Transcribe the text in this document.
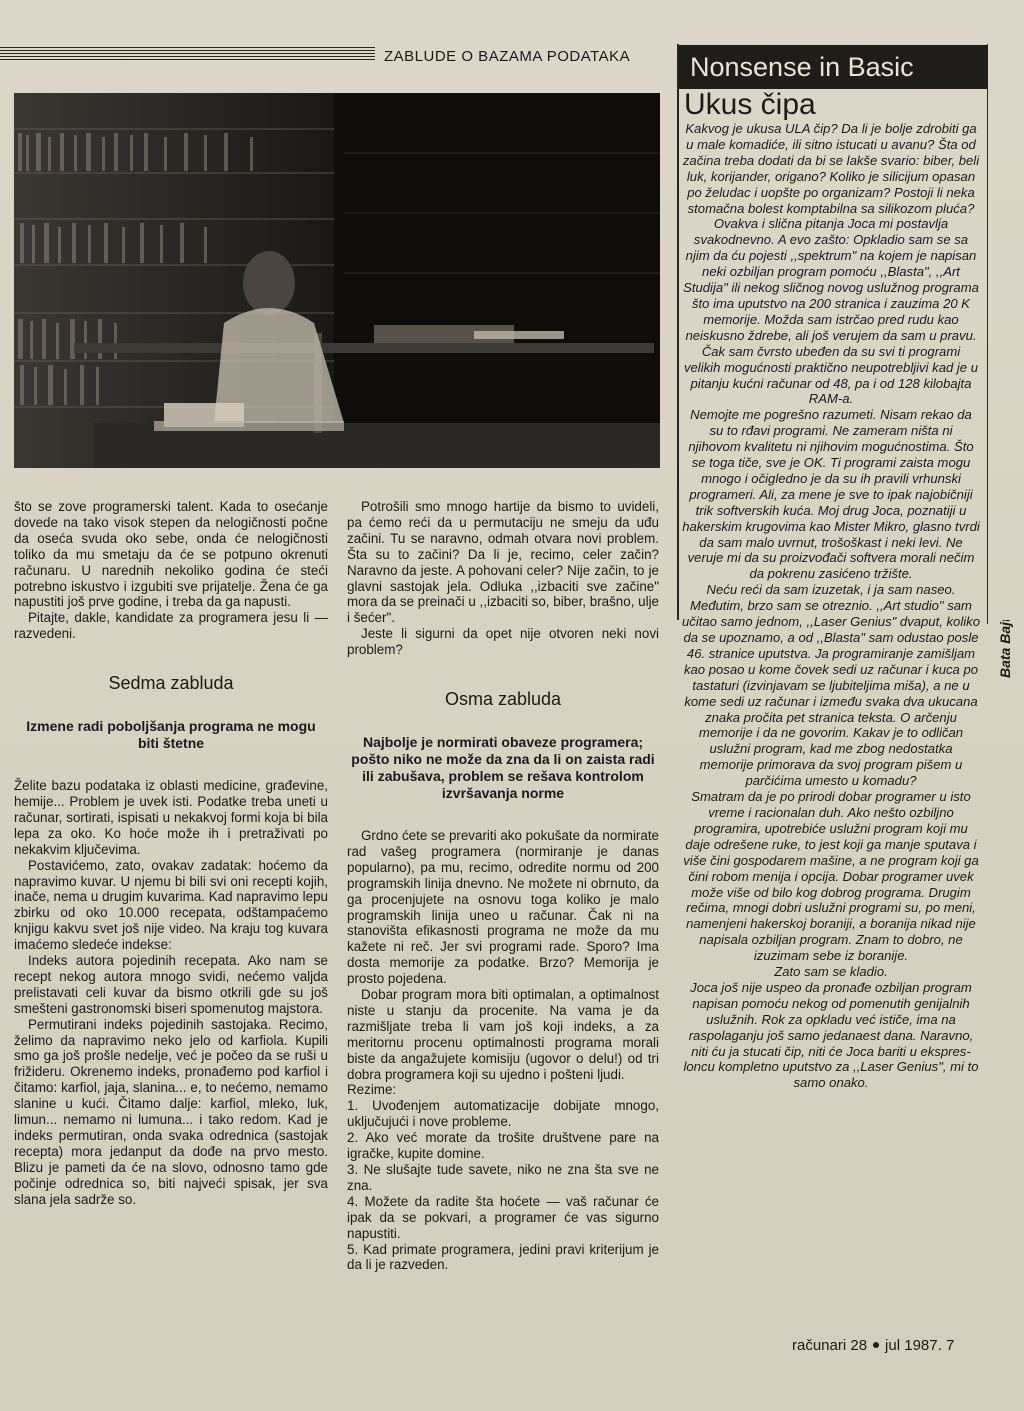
ZABLUDE O BAZAMA PODATAKA

što se zove programerski talent. Kada to osećanje dovede na tako visok stepen da nelogičnosti počne da oseća svuda oko sebe, onda će nelogičnosti toliko da mu smetaju da će se potpuno okrenuti računaru. U narednih nekoliko godina će steći potrebno iskustvo i izgubiti sve prijatelje. Žena će ga napustiti još prve godine, i treba da ga napusti.

Pitajte, dakle, kandidate za programera jesu li — razvedeni.

Sedma zabluda
Izmene radi poboljšanja programa ne mogu biti štetne

Želite bazu podataka iz oblasti medicine, građevine, hemije... Problem je uvek isti. Podatke treba uneti u računar, sortirati, ispisati u nekakvoj formi koja bi bila lepa za oko. Ko hoće može ih i pretraživati po nekakvim ključevima.

Postavićemo, zato, ovakav zadatak: hoćemo da napravimo kuvar. U njemu bi bili svi oni recepti kojih, inače, nema u drugim kuvarima. Kad napravimo lepu zbirku od oko 10.000 recepata, odštampaćemo knjigu kakvu svet još nije video. Na kraju tog kuvara imaćemo sledeće indekse:

Indeks autora pojedinih recepata. Ako nam se recept nekog autora mnogo svidi, nećemo valjda prelistavati celi kuvar da bismo otkrili gde su još smešteni gastronomski biseri spomenutog majstora.

Permutirani indeks pojedinih sastojaka. Recimo, želimo da napravimo neko jelo od karfiola. Kupili smo ga još prošle nedelje, već je počeo da se ruši u frižideru. Okrenemo indeks, pronađemo pod karfiol i čitamo: karfiol, jaja, slanina... e, to nećemo, nemamo slanine u kući. Čitamo dalje: karfiol, mleko, luk, limun... nemamo ni lumuna... i tako redom. Kad je indeks permutiran, onda svaka odrednica (sastojak recepta) mora jedanput da dođe na prvo mesto. Blizu je pameti da će na slovo, odnosno tamo gde počinje odrednica so, biti najveći spisak, jer sva slana jela sadrže so.

Potrošili smo mnogo hartije da bismo to uvideli, pa ćemo reći da u permutaciju ne smeju da uđu začini. Tu se naravno, odmah otvara novi problem. Šta su to začini? Da li je, recimo, celer začin? Naravno da jeste. A pohovani celer? Nije začin, to je glavni sastojak jela. Odluka ,,izbaciti sve začine" mora da se preinači u ,,izbaciti so, biber, brašno, ulje i šećer".

Jeste li sigurni da opet nije otvoren neki novi problem?

Osma zabluda
Najbolje je normirati obaveze programera; pošto niko ne može da zna da li on zaista radi ili zabušava, problem se rešava kontrolom izvršavanja norme

Grdno ćete se prevariti ako pokušate da normirate rad vašeg programera (normiranje je danas popularno), pa mu, recimo, odredite normu od 200 programskih linija dnevno. Ne možete ni obrnuto, da ga procenjujete na osnovu toga koliko je malo programskih linija uneo u računar. Čak ni na stanovišta efikasnosti programa ne može da mu kažete ni reč. Jer svi programi rade. Sporo? Ima dosta memorije za podatke. Brzo? Memorija je prosto pojedena.

Dobar program mora biti optimalan, a optimalnost niste u stanju da procenite. Na vama je da razmišljate treba li vam još koji indeks, a za meritornu procenu optimalnosti programa morali biste da angažujete komisiju (ugovor o delu!) od tri dobra programera koji su ujedno i pošteni ljudi.

Rezime:

1. Uvođenjem automatizacije dobijate mnogo, uključujući i nove probleme.

2. Ako već morate da trošite društvene pare na igračke, kupite domine.

3. Ne slušajte tude savete, niko ne zna šta sve ne zna.

4. Možete da radite šta hoćete — vaš računar će ipak da se pokvari, a programer će vas sigurno napustiti.

5. Kad primate programera, jedini pravi kriterijum je da li je razveden.

Nonsense in Basic
Ukus čipa

Kakvog je ukusa ULA čip? Da li je bolje zdrobiti ga u male komadiće, ili sitno istucati u avanu? Šta od začina treba dodati da bi se lakše svario: biber, beli luk, korijander, origano? Koliko je silicijum opasan po želudac i uopšte po organizam? Postoji li neka stomačna bolest komptabilna sa silikozom pluća?

Ovakva i slična pitanja Joca mi postavlja svakodnevno. A evo zašto: Opkladio sam se sa njim da ću pojesti ,,spektrum" na kojem je napisan neki ozbiljan program pomoću ,,Blasta", ,,Art Studija" ili nekog sličnog novog uslužnog programa što ima uputstvo na 200 stranica i zauzima 20 K memorije. Možda sam istrčao pred rudu kao neiskusno ždrebe, ali još verujem da sam u pravu. Čak sam čvrsto ubeđen da su svi ti programi velikih mogućnosti praktično neupotrebljivi kad je u pitanju kućni računar od 48, pa i od 128 kilobajta RAM-a.

Nemojte me pogrešno razumeti. Nisam rekao da su to rđavi programi. Ne zameram ništa ni njihovom kvalitetu ni njihovim mogućnostima. Što se toga tiče, sve je OK. Ti programi zaista mogu mnogo i očigledno je da su ih pravili vrhunski programeri. Ali, za mene je sve to ipak najobičniji trik softverskih kuća. Moj drug Joca, poznatiji u hakerskim krugovima kao Mister Mikro, glasno tvrdi da sam malo uvrnut, trošoškast i neki levi. Ne veruje mi da su proizvođači softvera morali nečim da pokrenu zasićeno tržište.

Neću reći da sam izuzetak, i ja sam naseo. Međutim, brzo sam se otreznio. ,,Art studio" sam učitao samo jednom, ,,Laser Genius" dvaput, koliko da se upoznamo, a od ,,Blasta" sam odustao posle 46. stranice uputstva. Ja programiranje zamišljam kao posao u kome čovek sedi uz računar i kuca po tastaturi (izvinjavam se ljubiteljima miša), a ne u kome sedi uz računar i između svaka dva ukucana znaka pročita pet stranica teksta. O arčenju memorije i da ne govorim. Kakav je to odličan uslužni program, kad me zbog nedostatka memorije primorava da svoj program pišem u parčićima umesto u komadu?

Smatram da je po prirodi dobar programer u isto vreme i racionalan duh. Ako nešto ozbiljno programira, upotrebiće uslužni program koji mu daje odrešene ruke, to jest koji ga manje sputava i više čini gospodarem mašine, a ne program koji ga čini robom menija i opcija. Dobar programer uvek može više od bilo kog dobrog programa. Drugim rečima, mnogi dobri uslužni programi su, po meni, namenjeni hakerskoj boraniji, a boranija nikad nije napisala ozbiljan program. Znam to dobro, ne izuzimam sebe iz boranije.

Zato sam se kladio.

Joca još nije uspeo da pronađe ozbiljan program napisan pomoću nekog od pomenutih genijalnih uslužnih. Rok za opkladu već ističe, ima na raspolaganju još samo jedanaest dana. Naravno, niti ću ja stucati čip, niti će Joca bariti u ekspres-loncu kompletno uputstvo za ,,Laser Genius", mi to samo onako.

Bata Bajt
računari 28 jul 1987. 7
